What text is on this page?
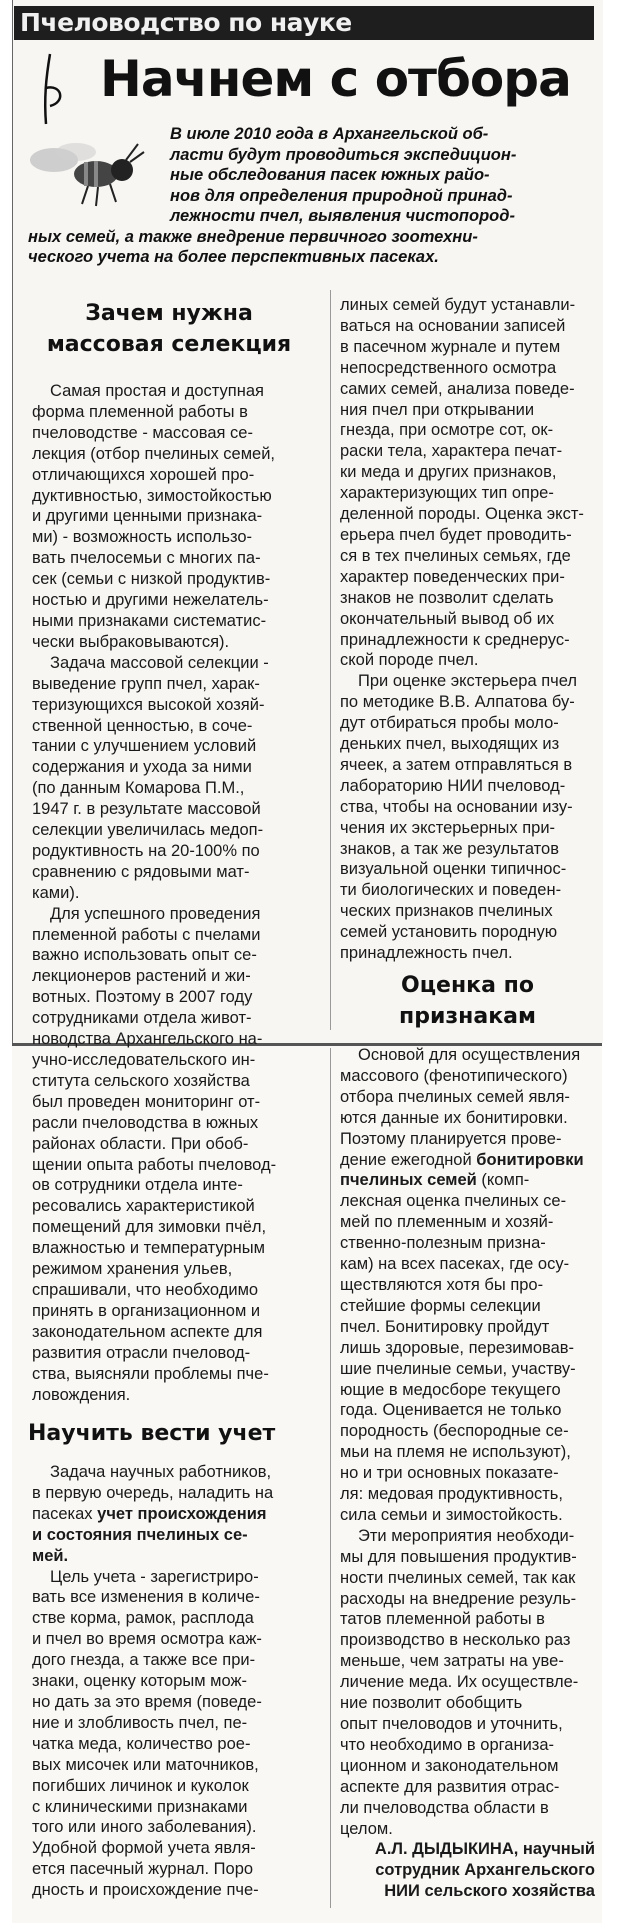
Пчеловодство по науке
Начнем с отбора
В июле 2010 года в Архангельской об-
ласти будут проводиться экспедицион-
ные обследования пасек южных райо-
нов для определения природной принад-
лежности пчел, выявления чистопород-
ных семей, а также внедрение первичного зоотехни-
ческого учета на более перспективных пасеках.
Зачем нужна
массовая селекция
Самая простая и доступная
форма племенной работы в
пчеловодстве - массовая се-
лекция (отбор пчелиных семей,
отличающихся хорошей про-
дуктивностью, зимостойкостью
и другими ценными признака-
ми) - возможность использо-
вать пчелосемьи с многих па-
сек (семьи с низкой продуктив-
ностью и другими нежелатель-
ными признаками систематис-
чески выбраковываются).
Задача массовой селекции -
выведение групп пчел, харак-
теризующихся высокой хозяй-
ственной ценностью, в соче-
тании с улучшением условий
содержания и ухода за ними
(по данным Комарова П.М.,
1947 г. в результате массовой
селекции увеличилась медоп-
родуктивность на 20-100% по
сравнению с рядовыми мат-
ками).
Для успешного проведения
племенной работы с пчелами
важно использовать опыт се-
лекционеров растений и жи-
вотных. Поэтому в 2007 году
сотрудниками отдела живот-
новодства Архангельского на-
учно-исследовательского ин-
ститута сельского хозяйства
был проведен мониторинг от-
расли пчеловодства в южных
районах области. При обоб-
щении опыта работы пчеловод-
ов сотрудники отдела инте-
ресовались характеристикой
помещений для зимовки пчёл,
влажностью и температурным
режимом хранения ульев,
спрашивали, что необходимо
принять в организационном и
законодательном аспекте для
развития отрасли пчеловод-
ства, выясняли проблемы пче-
ловождения.
Научить вести учет
Задача научных работников,
в первую очередь, наладить на
пасеках учет происхождения
и состояния пчелиных се-
мей.
Цель учета - зарегистриро-
вать все изменения в количе-
стве корма, рамок, расплода
и пчел во время осмотра каж-
дого гнезда, а также все при-
знаки, оценку которым мож-
но дать за это время (поведе-
ние и злобливость пчел, пе-
чатка меда, количество рое-
вых мисочек или маточников,
погибших личинок и куколок
с клиническими признаками
того или иного заболевания).
Удобной формой учета явля-
ется пасечный журнал. Поро
дность и происхождение пче-
линых семей будут устанавли-
ваться на основании записей
в пасечном журнале и путем
непосредственного осмотра
самих семей, анализа поведе-
ния пчел при открывании
гнезда, при осмотре сот, ок-
раски тела, характера печат-
ки меда и других признаков,
характеризующих тип опре-
деленной породы. Оценка экст-
ерьера пчел будет проводить-
ся в тех пчелиных семьях, где
характер поведенческих при-
знаков не позволит сделать
окончательный вывод об их
принадлежности к среднерус-
ской породе пчел.
При оценке экстерьера пчел
по методике В.В. Алпатова бу-
дут отбираться пробы моло-
деньких пчел, выходящих из
ячеек, а затем отправляться в
лабораторию НИИ пчеловод-
ства, чтобы на основании изу-
чения их экстерьерных при-
знаков, а так же результатов
визуальной оценки типичнос-
ти биологических и поведен-
ческих признаков пчелиных
семей установить породную
принадлежность пчел.
Оценка по
признакам
Основой для осуществления
массового (фенотипического)
отбора пчелиных семей явля-
ются данные их бонитировки.
Поэтому планируется прове-
дение ежегодной бонитировки
пчелиных семей (комп-
лексная оценка пчелиных се-
мей по племенным и хозяй-
ственно-полезным призна-
кам) на всех пасеках, где осу-
ществляются хотя бы про-
стейшие формы селекции
пчел. Бонитировку пройдут
лишь здоровые, перезимовав-
шие пчелиные семьи, участву-
ющие в медосборе текущего
года. Оценивается не только
породность (беспородные се-
мьи на племя не используют),
но и три основных показате-
ля: медовая продуктивность,
сила семьи и зимостойкость.
Эти мероприятия необходи-
мы для повышения продуктив-
ности пчелиных семей, так как
расходы на внедрение резуль-
татов племенной работы в
производство в несколько раз
меньше, чем затраты на уве-
личение меда. Их осуществле-
ние позволит обобщить
опыт пчеловодов и уточнить,
что необходимо в организа-
ционном и законодательном
аспекте для развития отрас-
ли пчеловодства области в
целом.
А.Л. ДЫДЫКИНА, научный
сотрудник Архангельского
НИИ сельского хозяйства
